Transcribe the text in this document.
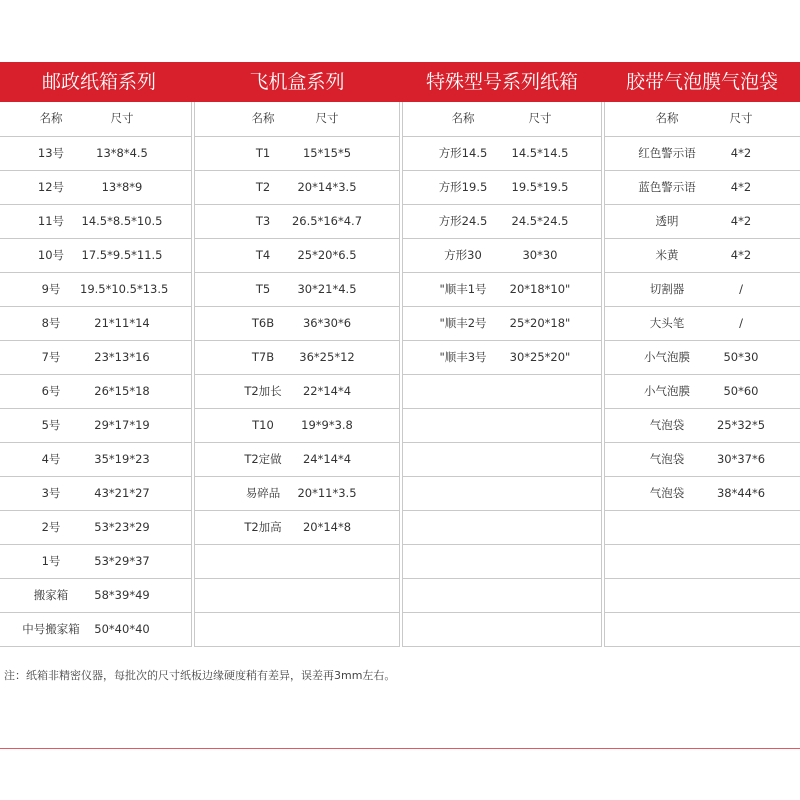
邮政纸箱系列
名称	尺寸
13号	13*8*4.5
12号	13*8*9
11号	14.5*8.5*10.5
10号	17.5*9.5*11.5
9号	19.5*10.5*13.5
8号	21*11*14
7号	23*13*16
6号	26*15*18
5号	29*17*19
4号	35*19*23
3号	43*21*27
2号	53*23*29
1号	53*29*37
搬家箱	58*39*49
中号搬家箱	50*40*40
飞机盒系列
名称	尺寸
T1	15*15*5
T2	20*14*3.5
T3	26.5*16*4.7
T4	25*20*6.5
T5	30*21*4.5
T6B	36*30*6
T7B	36*25*12
T2加长	22*14*4
T10	19*9*3.8
T2定做	24*14*4
易碎品	20*11*3.5
T2加高	20*14*8
特殊型号系列纸箱
名称	尺寸
方形14.5	14.5*14.5
方形19.5	19.5*19.5
方形24.5	24.5*24.5
方形30	30*30
"顺丰1号	20*18*10"
"顺丰2号	25*20*18"
"顺丰3号	30*25*20"
胶带气泡膜气泡袋
名称	尺寸
红色警示语	4*2
蓝色警示语	4*2
透明	4*2
米黄	4*2
切割器	/
大头笔	/
小气泡膜	50*30
小气泡膜	50*60
气泡袋	25*32*5
气泡袋	30*37*6
气泡袋	38*44*6
注：纸箱非精密仪器，每批次的尺寸纸板边缘硬度稍有差异，误差再3mm左右。
